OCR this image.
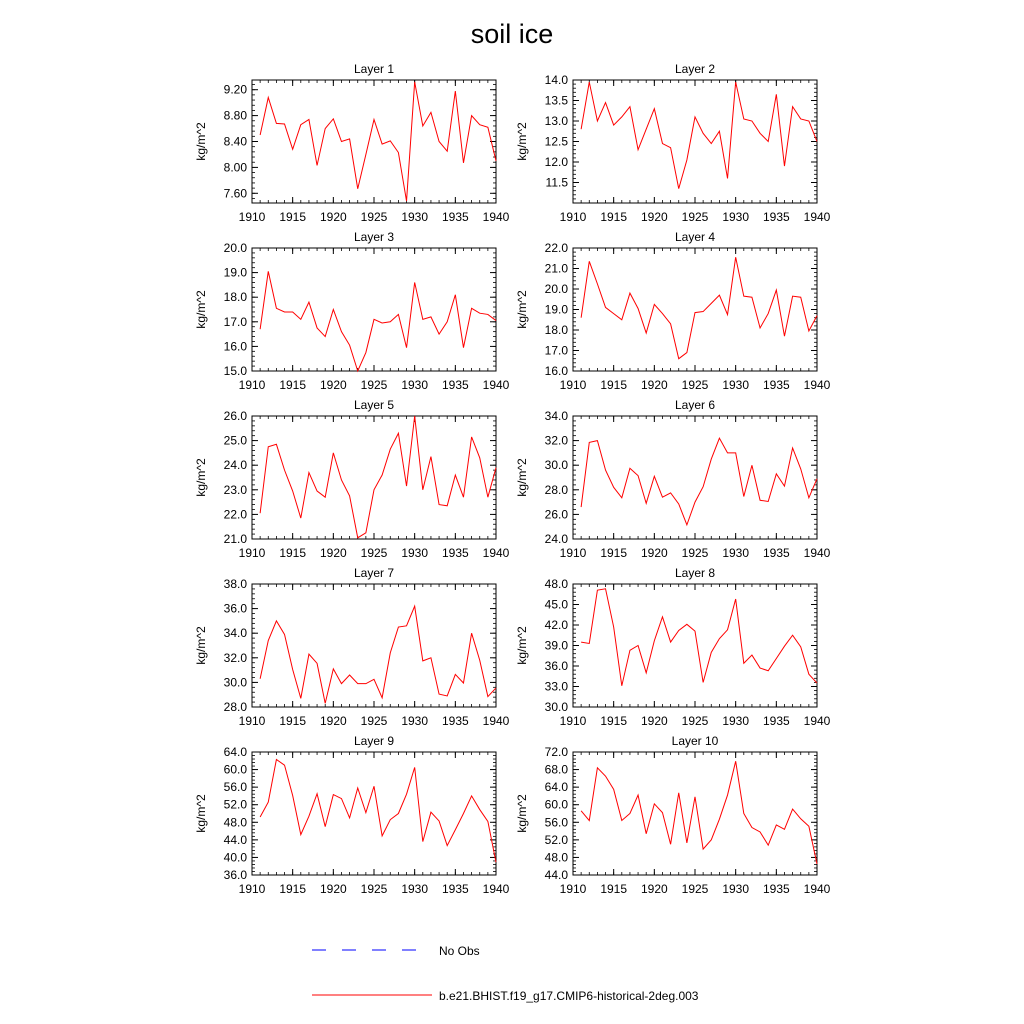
soil ice
Layer 1
1910 1915 1920 1925 1930 1935 1940
7.60
8.00
8.40
8.80
9.20
kg/m^2
Layer 2
1910 1915 1920 1925 1930 1935 1940
11.5
12.0
12.5
13.0
13.5
14.0
kg/m^2
Layer 3
1910 1915 1920 1925 1930 1935 1940
15.0
16.0
17.0
18.0
19.0
20.0
kg/m^2
Layer 4
1910 1915 1920 1925 1930 1935 1940
16.0
17.0
18.0
19.0
20.0
21.0
22.0
kg/m^2
Layer 5
1910 1915 1920 1925 1930 1935 1940
21.0
22.0
23.0
24.0
25.0
26.0
kg/m^2
Layer 6
1910 1915 1920 1925 1930 1935 1940
24.0
26.0
28.0
30.0
32.0
34.0
kg/m^2
Layer 7
1910 1915 1920 1925 1930 1935 1940
28.0
30.0
32.0
34.0
36.0
38.0
kg/m^2
Layer 8
1910 1915 1920 1925 1930 1935 1940
30.0
33.0
36.0
39.0
42.0
45.0
48.0
kg/m^2
Layer 9
1910 1915 1920 1925 1930 1935 1940
36.0
40.0
44.0
48.0
52.0
56.0
60.0
64.0
kg/m^2
Layer 10
1910 1915 1920 1925 1930 1935 1940
44.0
48.0
52.0
56.0
60.0
64.0
68.0
72.0
kg/m^2
No Obs
b.e21.BHIST.f19_g17.CMIP6-historical-2deg.003
